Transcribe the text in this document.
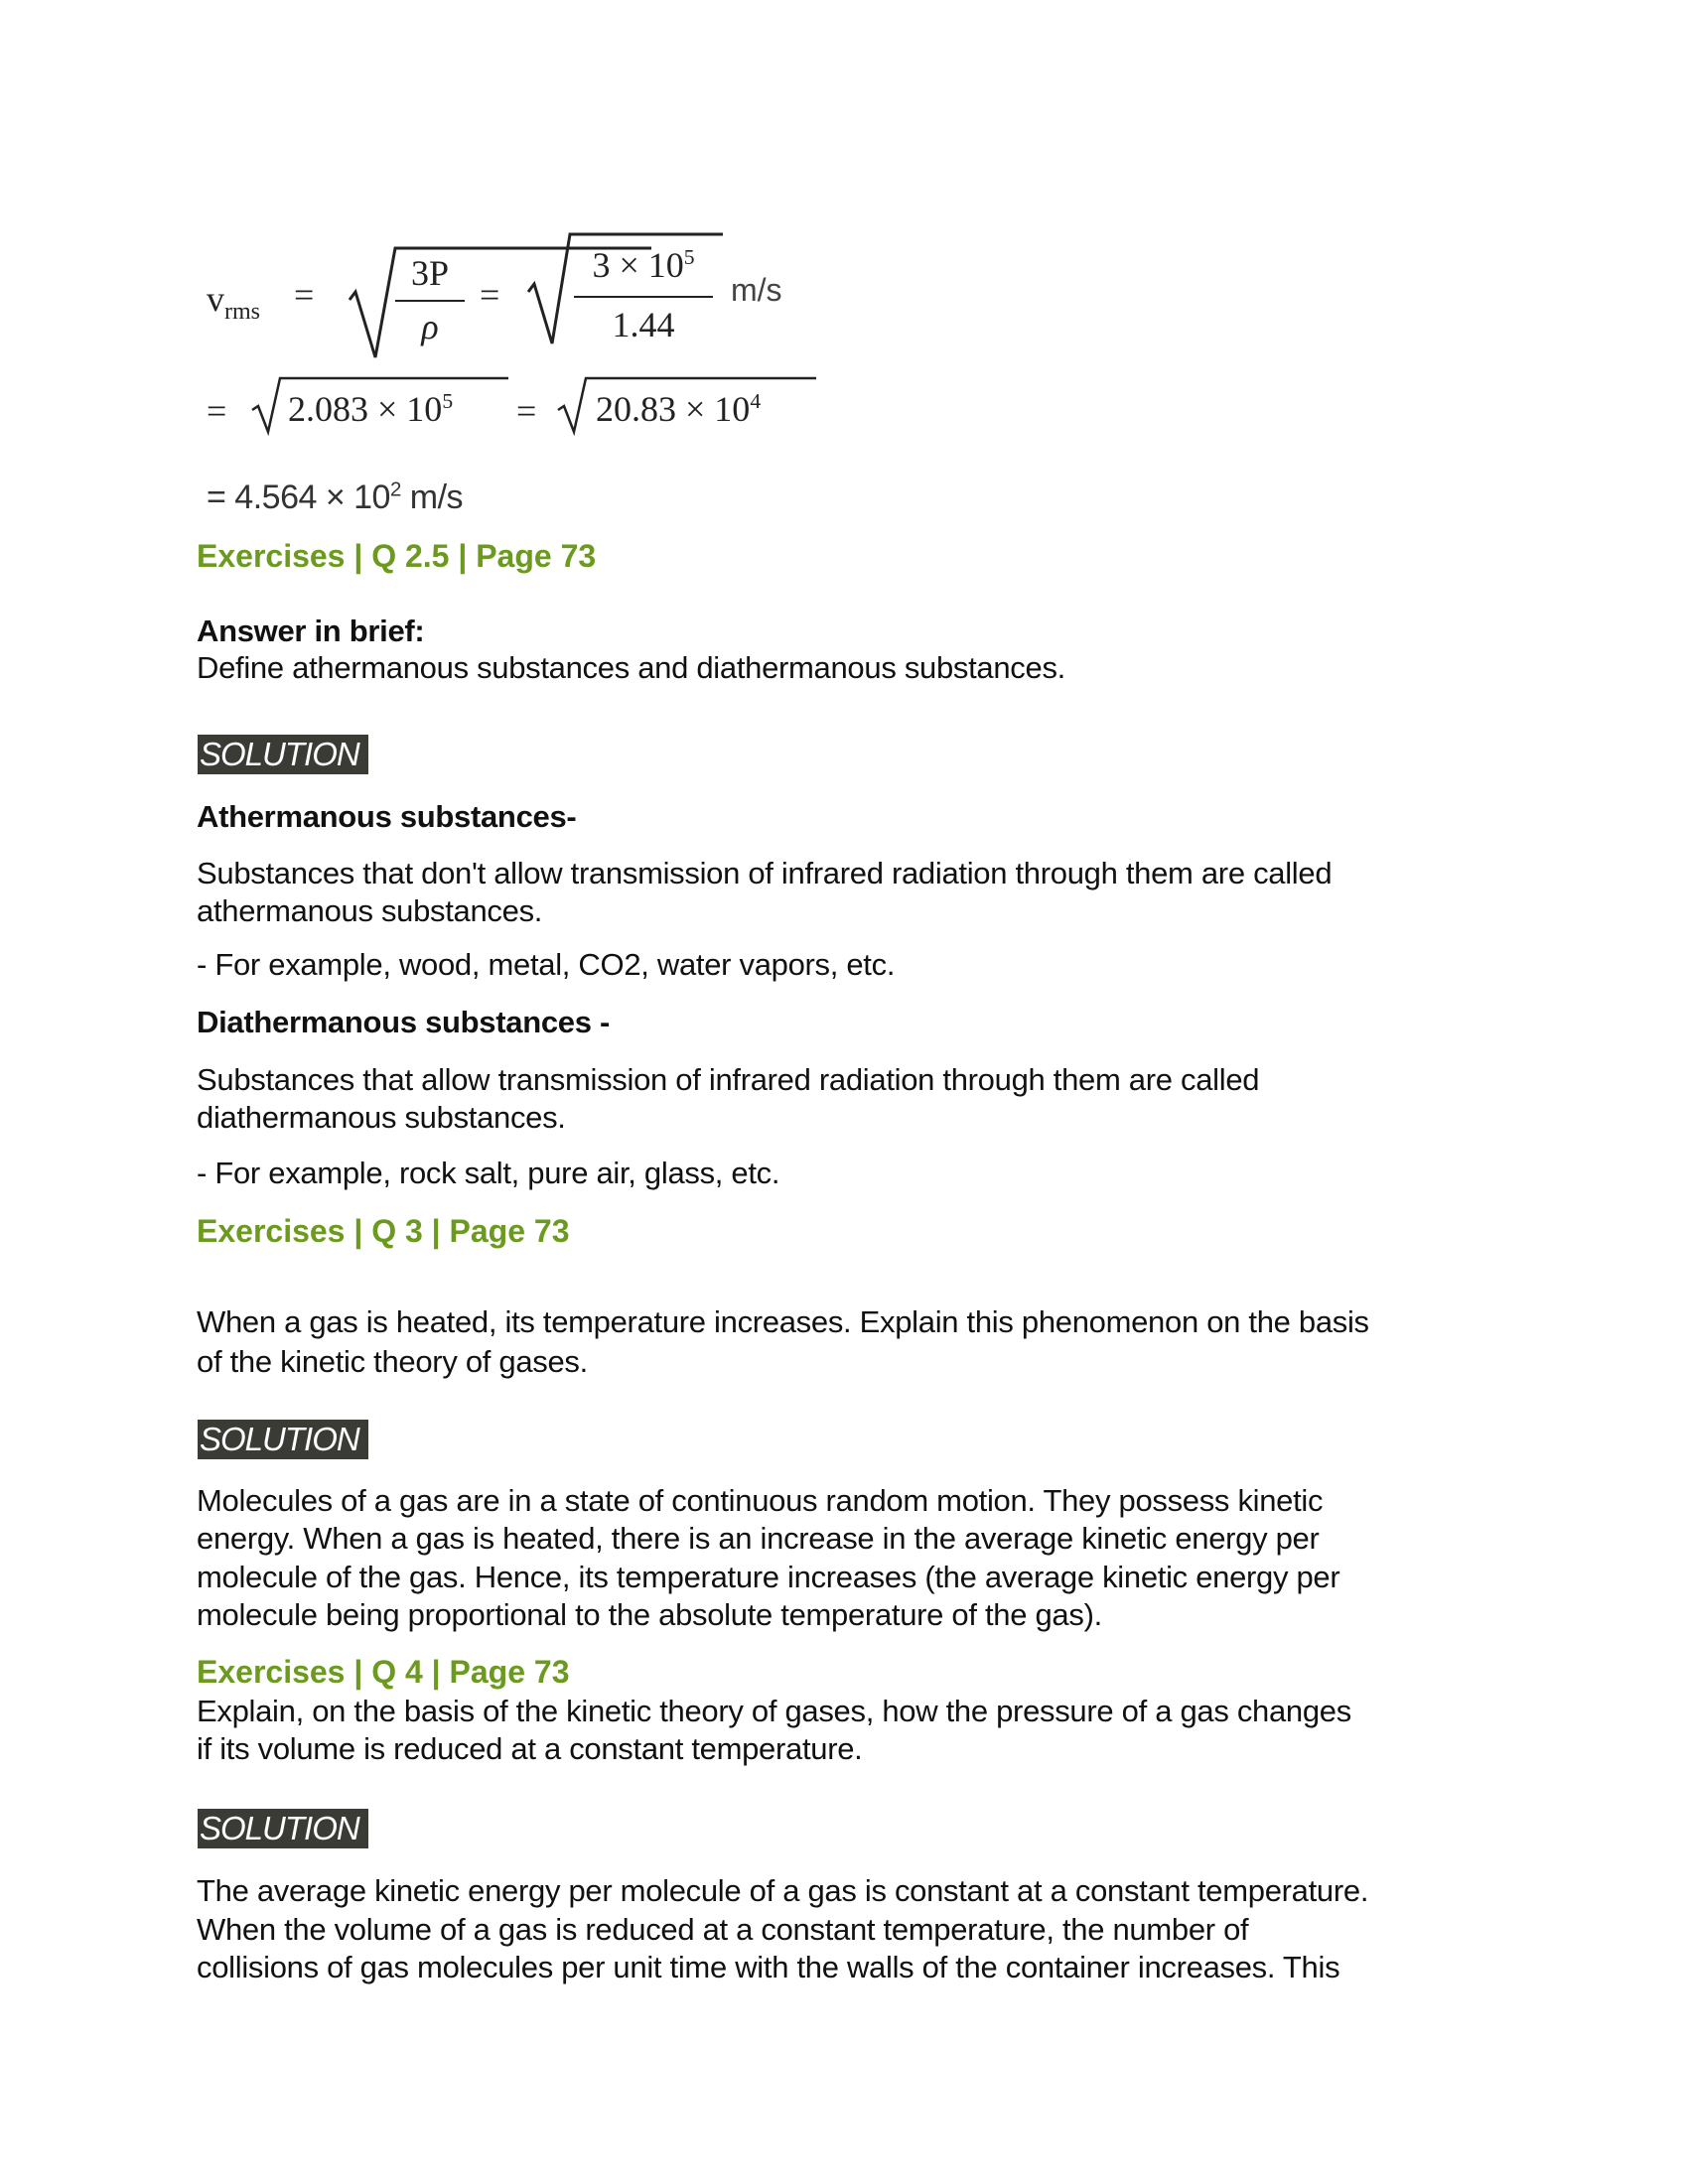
$v_{rms}$ =
3P
ρ
=
$3 \times 10^5$
1.44
m/s
= $2.083 \times 10^5 = 20.83 \times 10^4$
= $4.564 \times 10^2$ m/s
Exercises | Q 2.5 | Page 73
Answer in brief:
Define athermanous substances and diathermanous substances.
SOLUTION
Athermanous substances-
Substances that don't allow transmission of infrared radiation through them are called
athermanous substances.
- For example, wood, metal, CO2, water vapors, etc.
Diathermanous substances -
Substances that allow transmission of infrared radiation through them are called
diathermanous substances.
- For example, rock salt, pure air, glass, etc.
Exercises | Q 3 | Page 73
When a gas is heated, its temperature increases. Explain this phenomenon on the basis
of the kinetic theory of gases.
SOLUTION
Molecules of a gas are in a state of continuous random motion. They possess kinetic
energy. When a gas is heated, there is an increase in the average kinetic energy per
molecule of the gas. Hence, its temperature increases (the average kinetic energy per
molecule being proportional to the absolute temperature of the gas).
Exercises | Q 4 | Page 73
Explain, on the basis of the kinetic theory of gases, how the pressure of a gas changes
if its volume is reduced at a constant temperature.
SOLUTION
The average kinetic energy per molecule of a gas is constant at a constant temperature.
When the volume of a gas is reduced at a constant temperature, the number of
collisions of gas molecules per unit time with the walls of the container increases. This
